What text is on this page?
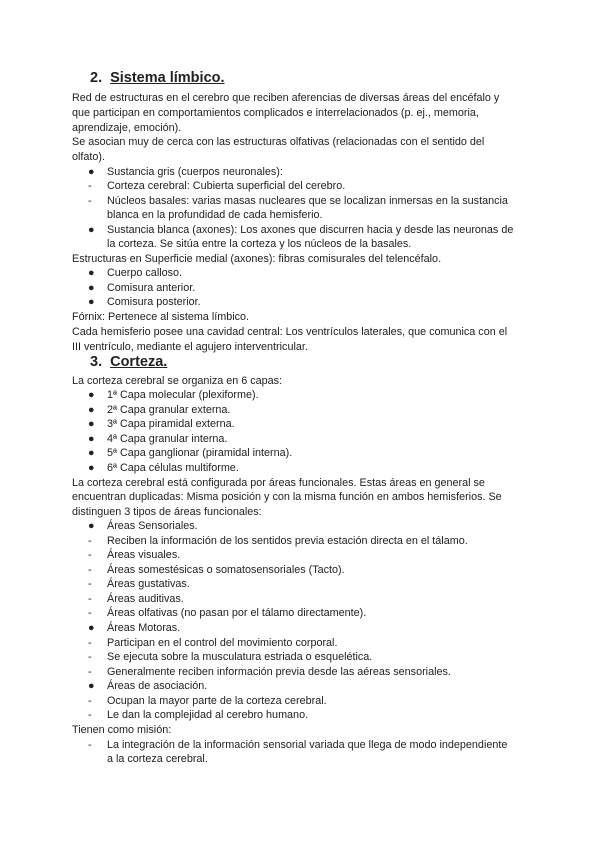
2. Sistema límbico.
Red de estructuras en el cerebro que reciben aferencias de diversas áreas del encéfalo y
que participan en comportamientos complicados e interrelacionados (p. ej., memoria,
aprendizaje, emoción).
Se asocian muy de cerca con las estructuras olfativas (relacionadas con el sentido del
olfato).
●	Sustancia gris (cuerpos neuronales):
-	Corteza cerebral: Cubierta superficial del cerebro.
-	Núcleos basales: varias masas nucleares que se localizan inmersas en la sustancia
blanca en la profundidad de cada hemisferio.
●	Sustancia blanca (axones): Los axones que discurren hacia y desde las neuronas de
la corteza. Se sitúa entre la corteza y los núcleos de la basales.
Estructuras en Superficie medial (axones): fibras comisurales del telencéfalo.
●	Cuerpo calloso.
●	Comisura anterior.
●	Comisura posterior.
Fórnix: Pertenece al sistema límbico.
Cada hemisferio posee una cavidad central: Los ventrículos laterales, que comunica con el
III ventrículo, mediante el agujero interventricular.
3. Corteza.
La corteza cerebral se organiza en 6 capas:
●	1ª Capa molecular (plexiforme).
●	2ª Capa granular externa.
●	3ª Capa piramidal externa.
●	4ª Capa granular interna.
●	5ª Capa ganglionar (piramidal interna).
●	6ª Capa células multiforme.
La corteza cerebral está configurada por áreas funcionales. Estas áreas en general se
encuentran duplicadas: Misma posición y con la misma función en ambos hemisferios. Se
distinguen 3 tipos de áreas funcionales:
●	Áreas Sensoriales.
-	Reciben la información de los sentidos previa estación directa en el tálamo.
-	Áreas visuales.
-	Áreas somestésicas o somatosensoriales (Tacto).
-	Áreas gustativas.
-	Áreas auditivas.
-	Áreas olfativas (no pasan por el tálamo directamente).
●	Áreas Motoras.
-	Participan en el control del movimiento corporal.
-	Se ejecuta sobre la musculatura estriada o esquelética.
-	Generalmente reciben información previa desde las aéreas sensoriales.
●	Áreas de asociación.
-	Ocupan la mayor parte de la corteza cerebral.
-	Le dan la complejidad al cerebro humano.
Tienen como misión:
-	La integración de la información sensorial variada que llega de modo independiente
a la corteza cerebral.
